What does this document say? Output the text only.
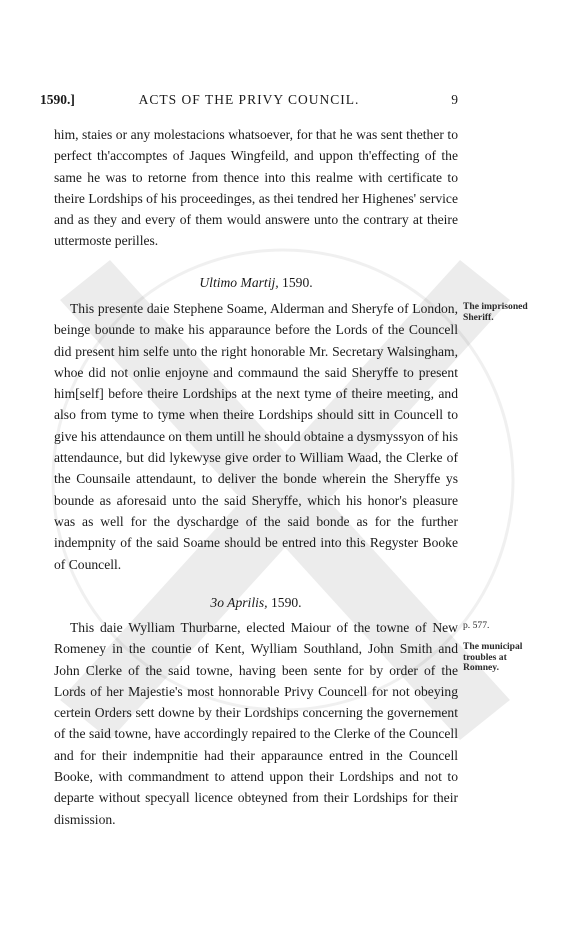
1590.]	ACTS OF THE PRIVY COUNCIL.	9

him, staies or any molestacions whatsoever, for that he was sent thether to perfect th'accomptes of Jaques Wingfeild, and uppon th'effecting of the same he was to retorne from thence into this realme with certificate to theire Lordships of his proceedinges, as thei tendred her Highenes' service and as they and every of them would answere unto the contrary at theire uttermoste perilles.

Ultimo Martij, 1590.

This presente daie Stephene Soame, Alderman and Sheryfe of London, beinge bounde to make his apparaunce before the Lords of the Councell did present him selfe unto the right honorable Mr. Secretary Walsingham, whoe did not onlie enjoyne and commaund the said Sheryffe to present him[self] before theire Lordships at the next tyme of theire meeting, and also from tyme to tyme when theire Lordships should sitt in Councell to give his attendaunce on them untill he should obtaine a dysmyssyon of his attendaunce, but did lykewyse give order to William Waad, the Clerke of the Counsaile attendaunt, to deliver the bonde wherein the Sheryffe ys bounde as aforesaid unto the said Sheryffe, which his honor's pleasure was as well for the dyschardge of the said bonde as for the further indempnity of the said Soame should be entred into this Regyster Booke of Councell.

The imprisoned Sheriff.
3o Aprilis, 1590.

This daie Wylliam Thurbarne, elected Maiour of the towne of New Romeney in the countie of Kent, Wylliam Southland, John Smith and John Clerke of the said towne, having been sente for by order of the Lords of her Majestie's most honnorable Privy Councell for not obeying certein Orders sett downe by their Lordships concerning the governement of the said towne, have accordingly repaired to the Clerke of the Councell and for their indempnitie had their apparaunce entred in the Councell Booke, with commandment to attend uppon their Lordships and not to departe without specyall licence obteyned from their Lordships for their dismission.

p. 577.
The municipal troubles at Romney.
